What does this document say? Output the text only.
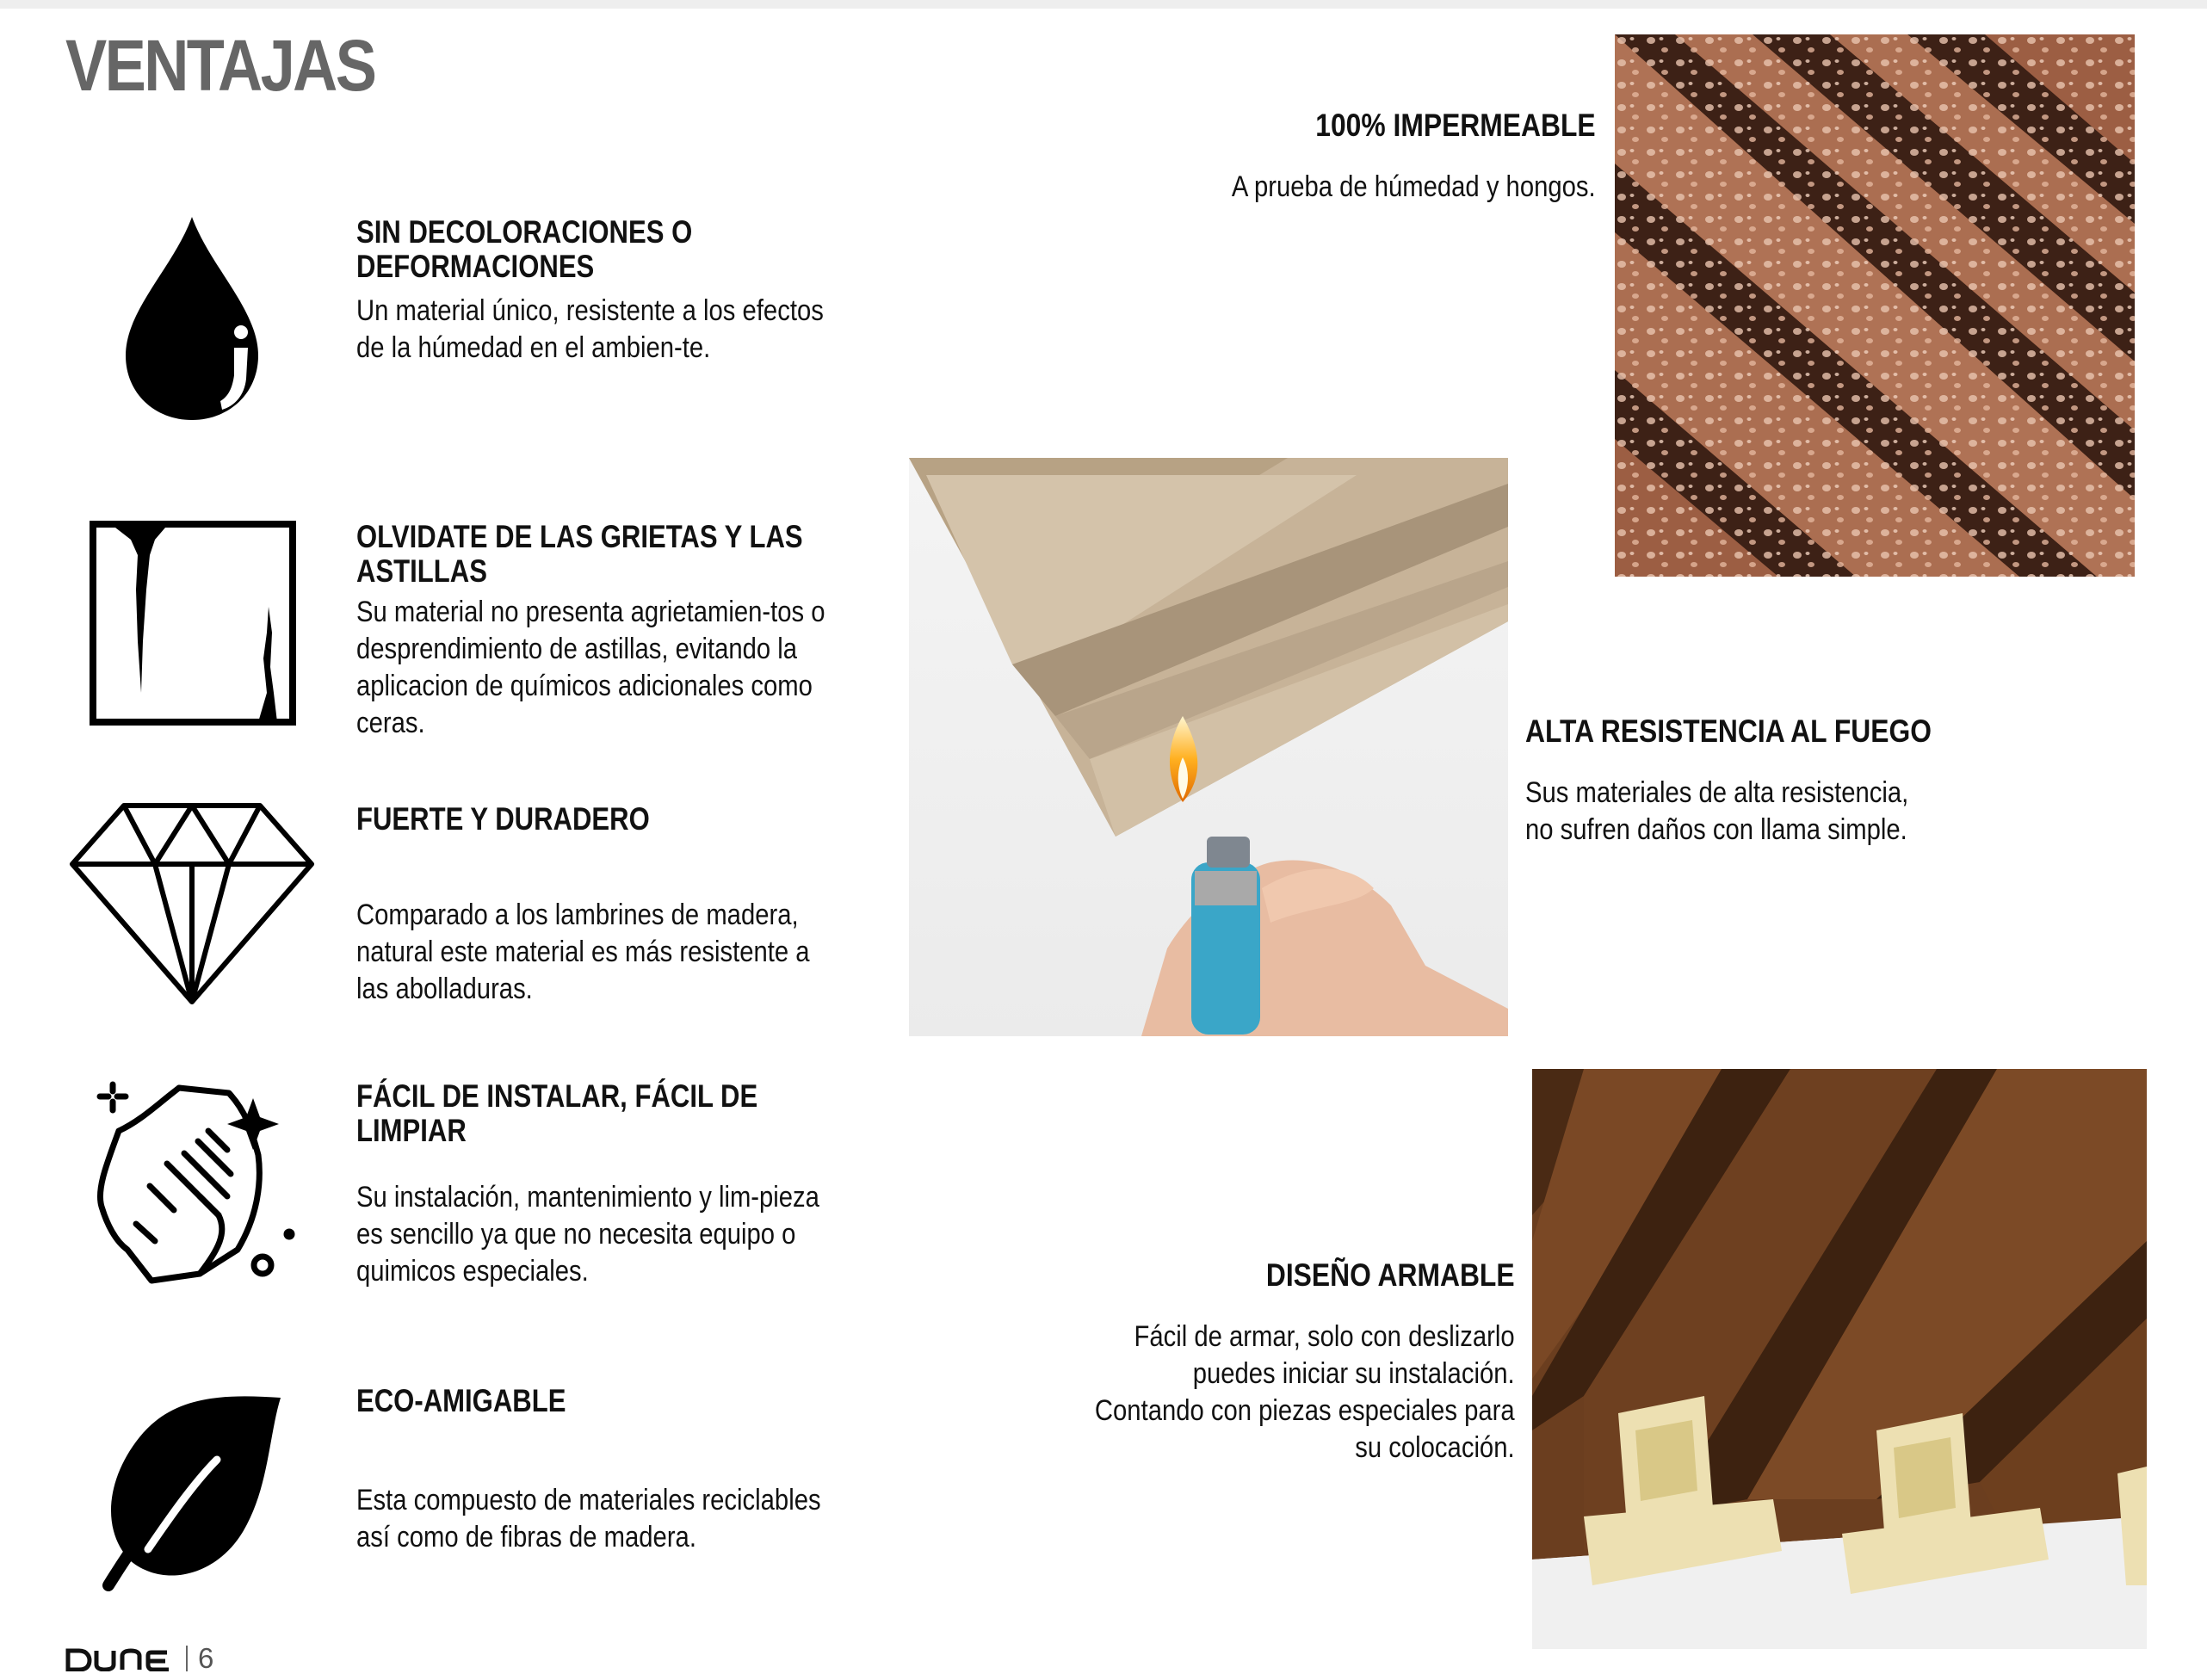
VENTAJAS
SIN DECOLORACIONES O DEFORMACIONES

Un material único, resistente a los efectos de la húmedad en el ambien-te.

OLVIDATE DE LAS GRIETAS Y LAS ASTILLAS

Su material no presenta agrietamien-tos o desprendimiento de astillas, evitando la aplicacion de químicos adicionales como ceras.

FUERTE Y DURADERO

Comparado a los lambrines de madera, natural este material es más resistente a las abolladuras.

FÁCIL DE INSTALAR, FÁCIL DE LIMPIAR

Su instalación, mantenimiento y lim-pieza es sencillo ya que no necesita equipo o quimicos especiales.

ECO-AMIGABLE

Esta compuesto de materiales reciclables así como de fibras de madera.

100% IMPERMEABLE

A prueba de húmedad y hongos.

ALTA RESISTENCIA AL FUEGO

Sus materiales de alta resistencia,

no sufren daños con llama simple.

DISEÑO ARMABLE

Fácil de armar, solo con deslizarlo

puedes iniciar su instalación.

Contando con piezas especiales para

su colocación.

DUNE	6
